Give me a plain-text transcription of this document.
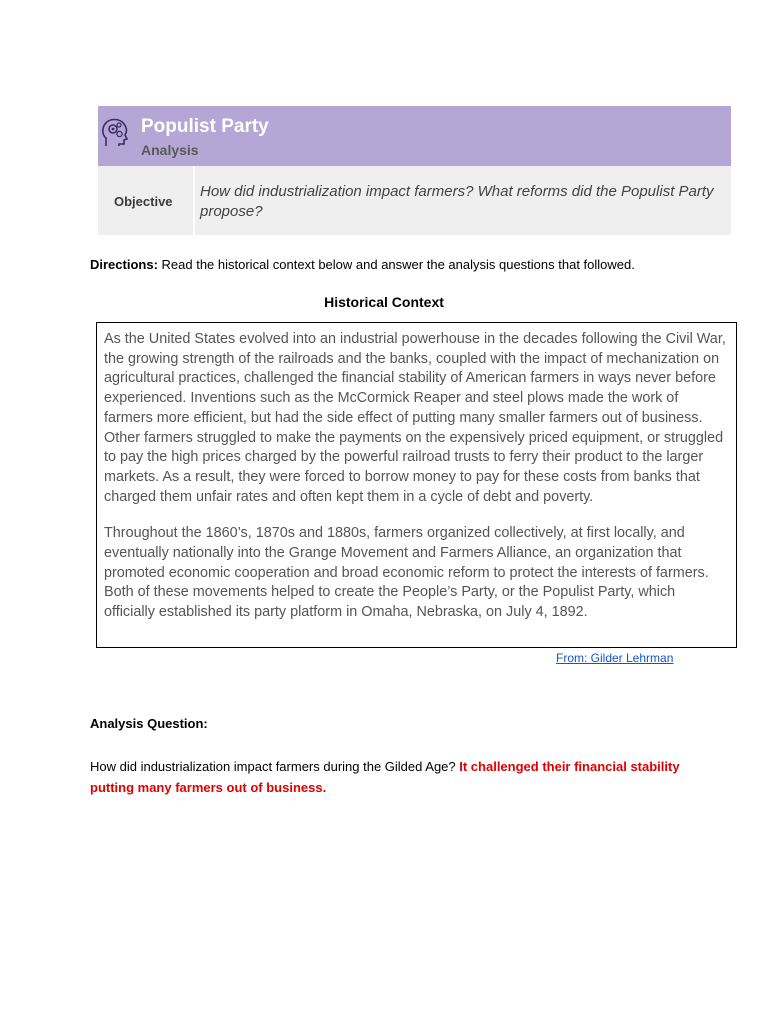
Populist Party
Analysis
Objective
How did industrialization impact farmers? What reforms did the Populist Party propose?
Directions: Read the historical context below and answer the analysis questions that followed.
Historical Context

As the United States evolved into an industrial powerhouse in the decades following the Civil War, the growing strength of the railroads and the banks, coupled with the impact of mechanization on agricultural practices, challenged the financial stability of American farmers in ways never before experienced. Inventions such as the McCormick Reaper and steel plows made the work of farmers more efficient, but had the side effect of putting many smaller farmers out of business. Other farmers struggled to make the payments on the expensively priced equipment, or struggled to pay the high prices charged by the powerful railroad trusts to ferry their product to the larger markets. As a result, they were forced to borrow money to pay for these costs from banks that charged them unfair rates and often kept them in a cycle of debt and poverty.

Throughout the 1860’s, 1870s and 1880s, farmers organized collectively, at first locally, and eventually nationally into the Grange Movement and Farmers Alliance, an organization that promoted economic cooperation and broad economic reform to protect the interests of farmers. Both of these movements helped to create the People’s Party, or the Populist Party, which officially established its party platform in Omaha, Nebraska, on July 4, 1892.

From: Gilder Lehrman
Analysis Question:
How did industrialization impact farmers during the Gilded Age? It challenged their financial stability putting many farmers out of business.
